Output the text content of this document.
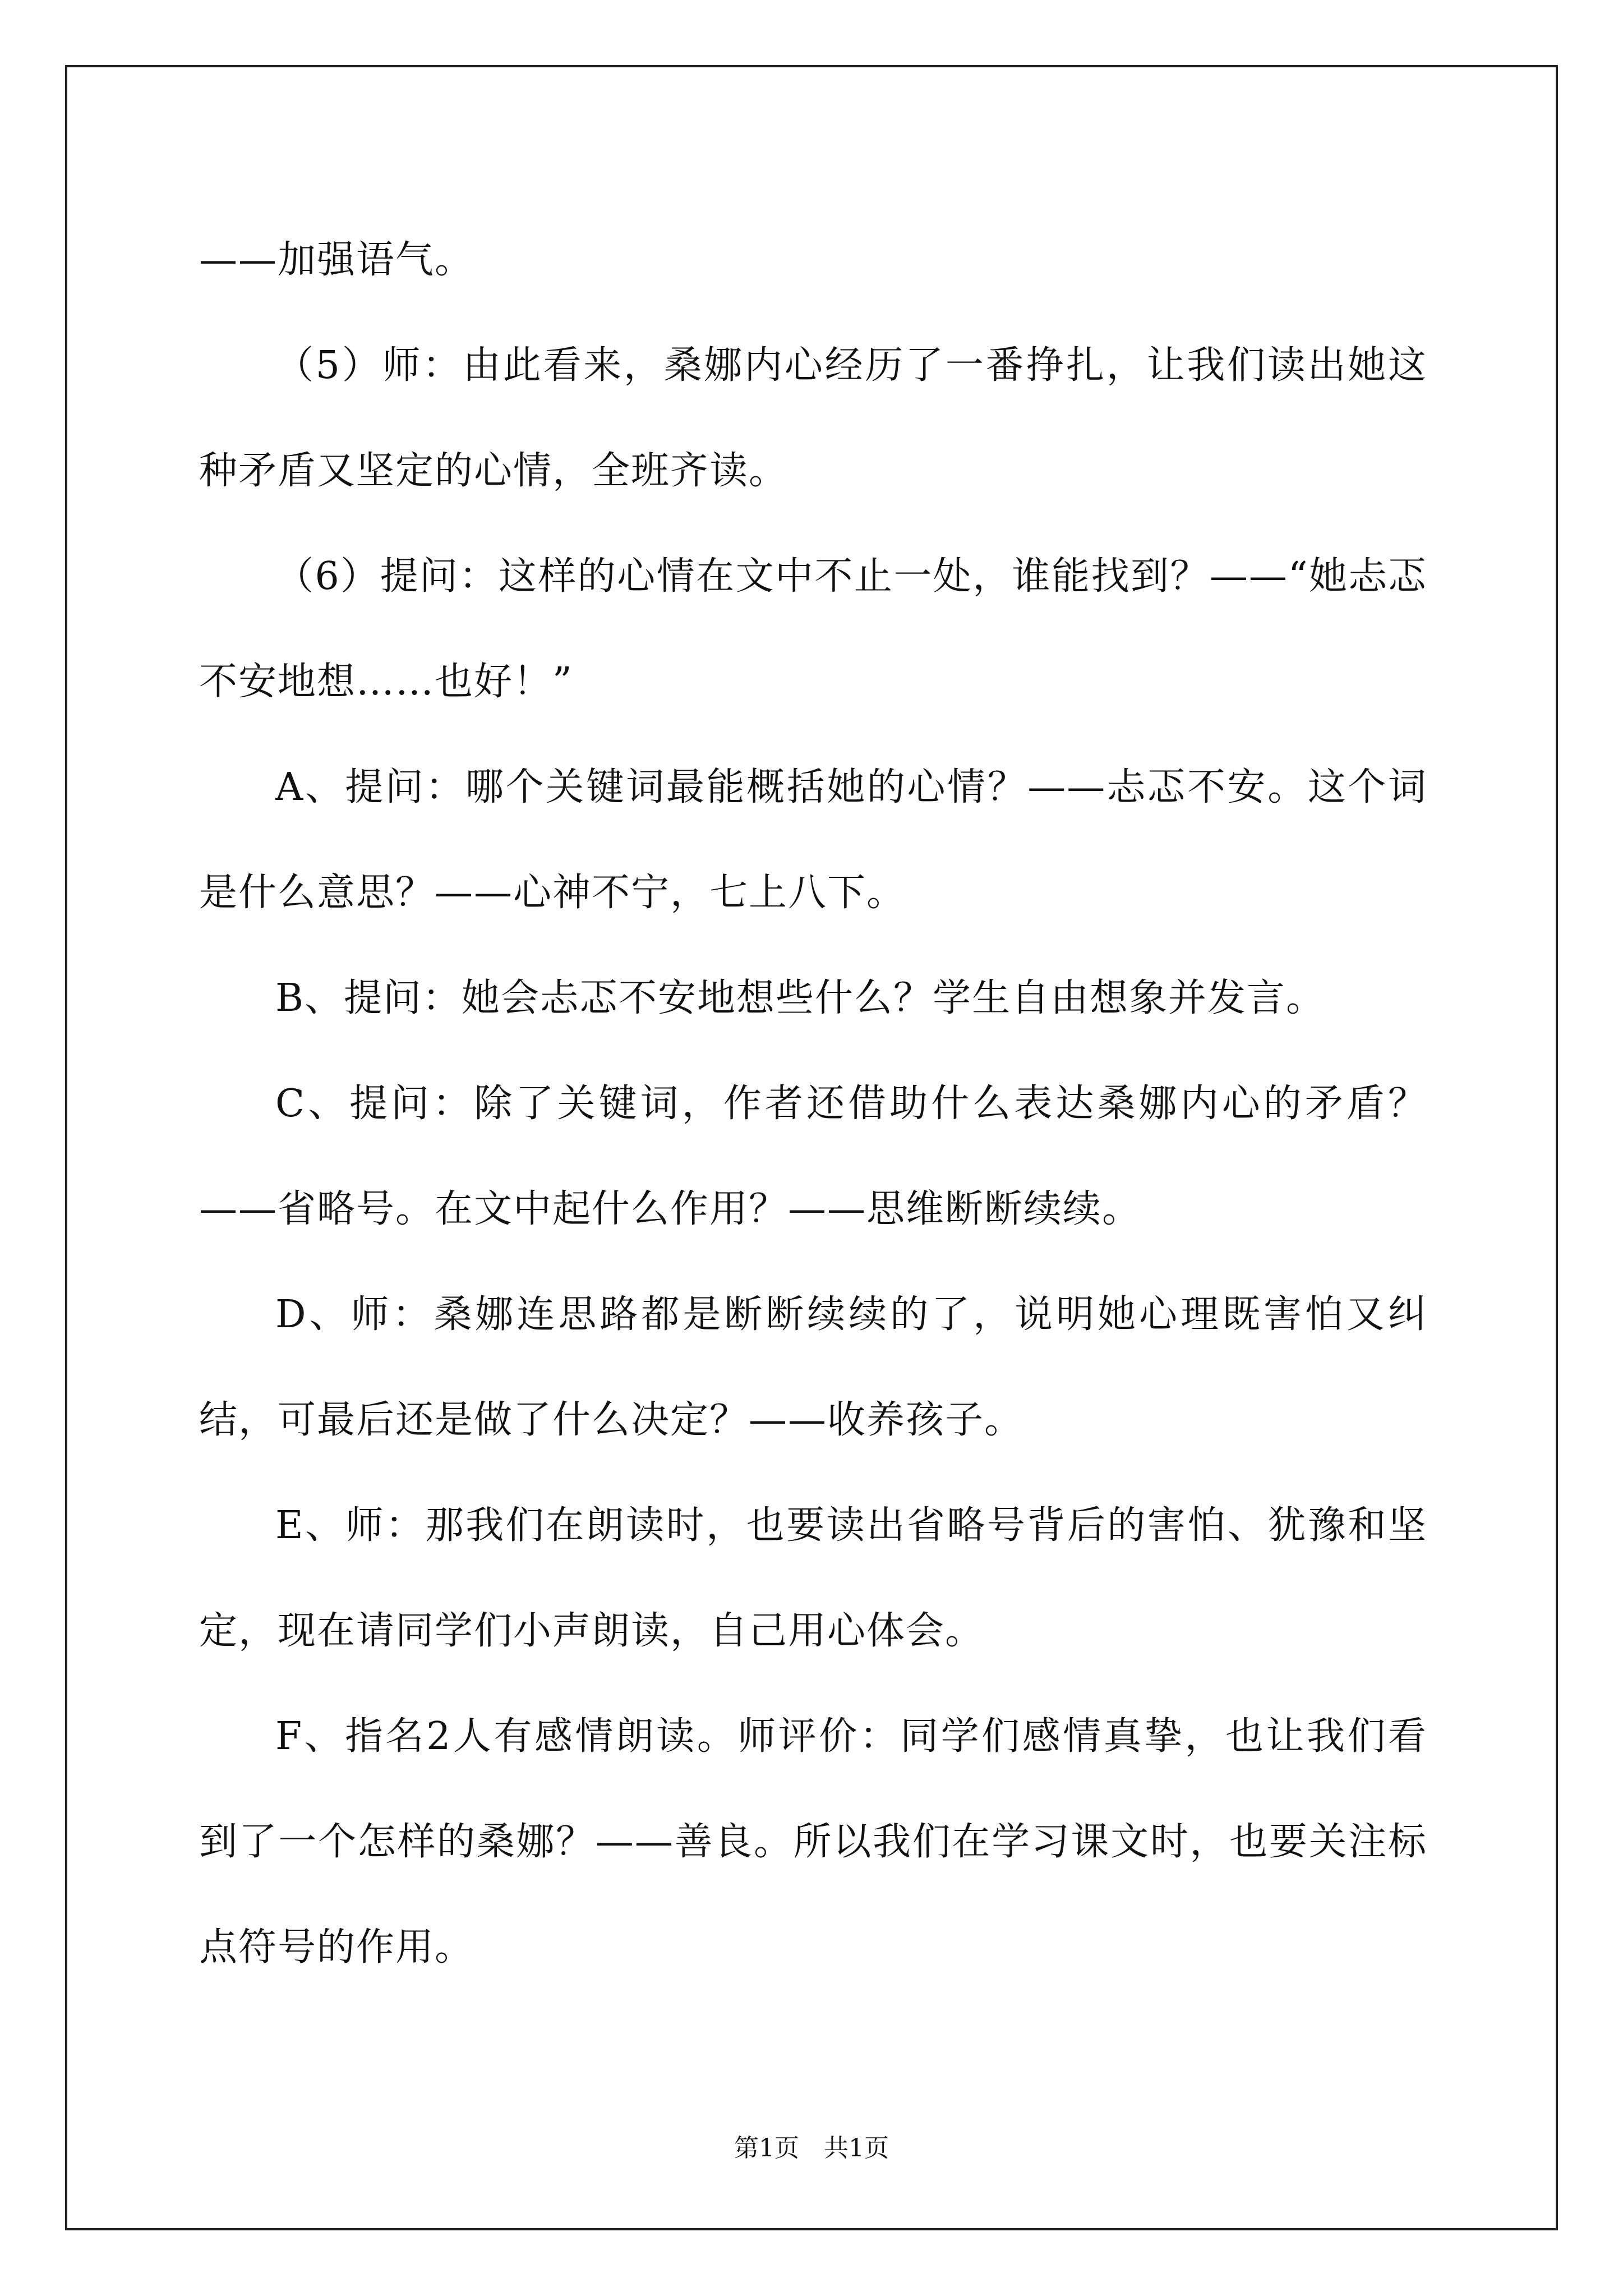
——加强语气。

（5）师：由此看来，桑娜内心经历了一番挣扎，让我们读出她这种矛盾又坚定的心情，全班齐读。

（6）提问：这样的心情在文中不止一处，谁能找到？——“她忐忑不安地想……也好！”

A、提问：哪个关键词最能概括她的心情？——忐忑不安。这个词是什么意思？——心神不宁，七上八下。

B、提问：她会忐忑不安地想些什么？学生自由想象并发言。

C、提问：除了关键词，作者还借助什么表达桑娜内心的矛盾？——省略号。在文中起什么作用？——思维断断续续。

D、师：桑娜连思路都是断断续续的了，说明她心理既害怕又纠结，可最后还是做了什么决定？——收养孩子。

E、师：那我们在朗读时，也要读出省略号背后的害怕、犹豫和坚定，现在请同学们小声朗读，自己用心体会。

F、指名2人有感情朗读。师评价：同学们感情真挚，也让我们看到了一个怎样的桑娜？——善良。所以我们在学习课文时，也要关注标点符号的作用。

第1页　共1页
